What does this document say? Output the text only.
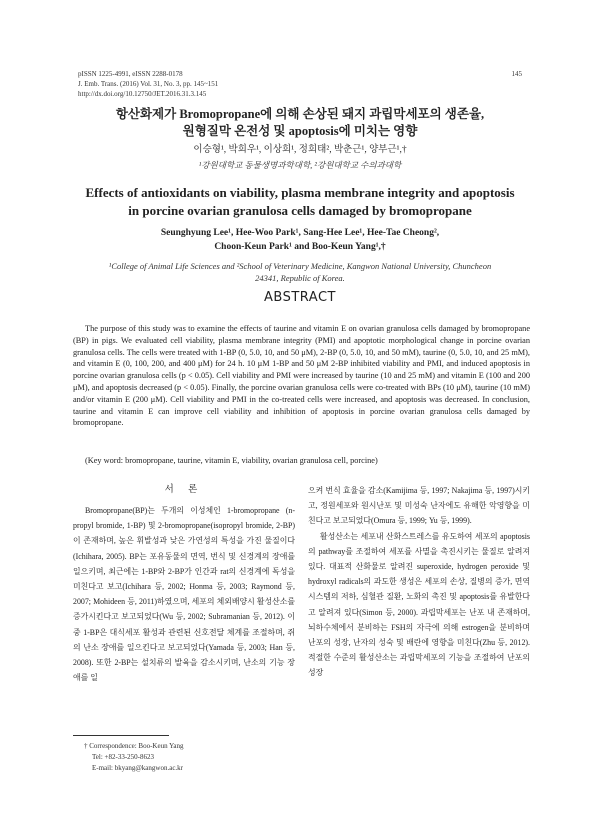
pISSN 1225-4991, eISSN 2288-0178
J. Emb. Trans. (2016) Vol. 31, No. 3, pp. 145~151
http://dx.doi.org/10.12750/JET.2016.31.3.145
145
항산화제가 Bromopropane에 의해 손상된 돼지 과립막세포의 생존율,
원형질막 온전성 및 apoptosis에 미치는 영향
이승형¹, 박희우¹, 이상희¹, 정희태², 박춘근¹, 양부근¹,†
¹강원대학교 동물생명과학대학, ²강원대학교 수의과대학
Effects of antioxidants on viability, plasma membrane integrity and apoptosis
in porcine ovarian granulosa cells damaged by bromopropane
Seunghyung Lee¹, Hee-Woo Park¹, Sang-Hee Lee¹, Hee-Tae Cheong²,
Choon-Keun Park¹ and Boo-Keun Yang¹,†
¹College of Animal Life Sciences and ²School of Veterinary Medicine, Kangwon National University, Chuncheon
24341, Republic of Korea.
ABSTRACT

The purpose of this study was to examine the effects of taurine and vitamin E on ovarian granulosa cells damaged by bromopropane (BP) in pigs. We evaluated cell viability, plasma membrane integrity (PMI) and apoptotic morphological change in porcine ovarian granulosa cells. The cells were treated with 1-BP (0, 5.0, 10, and 50 μM), 2-BP (0, 5.0, 10, and 50 mM), taurine (0, 5.0, 10, and 25 mM), and vitamin E (0, 100, 200, and 400 μM) for 24 h. 10 μM 1-BP and 50 μM 2-BP inhibited viability and PMI, and induced apoptosis in porcine ovarian granulosa cells (p < 0.05). Cell viability and PMI were increased by taurine (10 and 25 mM) and vitamin E (100 and 200 μM), and apoptosis decreased (p < 0.05). Finally, the porcine ovarian granulosa cells were co-treated with BPs (10 μM), taurine (10 mM) and/or vitamin E (200 μM). Cell viability and PMI in the co-treated cells were increased, and apoptosis was decreased. In conclusion, taurine and vitamin E can improve cell viability and inhibition of apoptosis in porcine ovarian granulosa cells damaged by bromopropane.

(Key word: bromopropane, taurine, vitamin E, viability, ovarian granulosa cell, porcine)
서 론

Bromopropane(BP)는 두개의 이성체인 1-bromopropane (n-propyl bromide, 1-BP) 및 2-bromopropane(isopropyl bromide, 2-BP)이 존재하며, 높은 휘발성과 낮은 가연성의 특성을 가진 물질이다(Ichihara, 2005). BP는 포유동물의 면역, 번식 및 신경계의 장애를 일으키며, 최근에는 1-BP와 2-BP가 인간과 rat의 신경계에 독성을 미친다고 보고(Ichihara 등, 2002; Honma 등, 2003; Raymond 등, 2007; Mohideen 등, 2011)하였으며, 세포의 체외배양시 활성산소를 증가시킨다고 보고되었다(Wu 등, 2002; Subramanian 등, 2012). 이 중 1-BP은 대식세포 활성과 관련된 신호전달 체계를 조절하며, 쥐의 난소 장애를 일으킨다고 보고되었다(Yamada 등, 2003; Han 등, 2008). 또한 2-BP는 설치류의 발육을 감소시키며, 난소의 기능 장애를 일

으켜 번식 효율을 감소(Kamijima 등, 1997; Nakajima 등, 1997)시키고, 정원세포와 원시난포 및 미성숙 난자에도 유해한 악영향을 미친다고 보고되었다(Omura 등, 1999; Yu 등, 1999).

활성산소는 세포내 산화스트레스를 유도하여 세포의 apoptosis의 pathway를 조절하여 세포를 사멸을 촉진시키는 물질로 알려져 있다. 대표적 산화물로 알려진 superoxide, hydrogen peroxide 및 hydroxyl radicals의 과도한 생성은 세포의 손상, 질병의 증가, 면역 시스템의 저하, 심혈관 질환, 노화의 촉진 및 apoptosis를 유발한다고 알려져 있다(Simon 등, 2000). 과립막세포는 난포 내 존재하며, 뇌하수체에서 분비하는 FSH의 자극에 의해 estrogen을 분비하며 난포의 성장, 난자의 성숙 및 배란에 영향을 미친다(Zhu 등, 2012). 적절한 수준의 활성산소는 과립막세포의 기능을 조절하여 난포의 성장

† Correspondence: Boo-Keun Yang
Tel: +82-33-250-8623
E-mail: bkyang@kangwon.ac.kr
